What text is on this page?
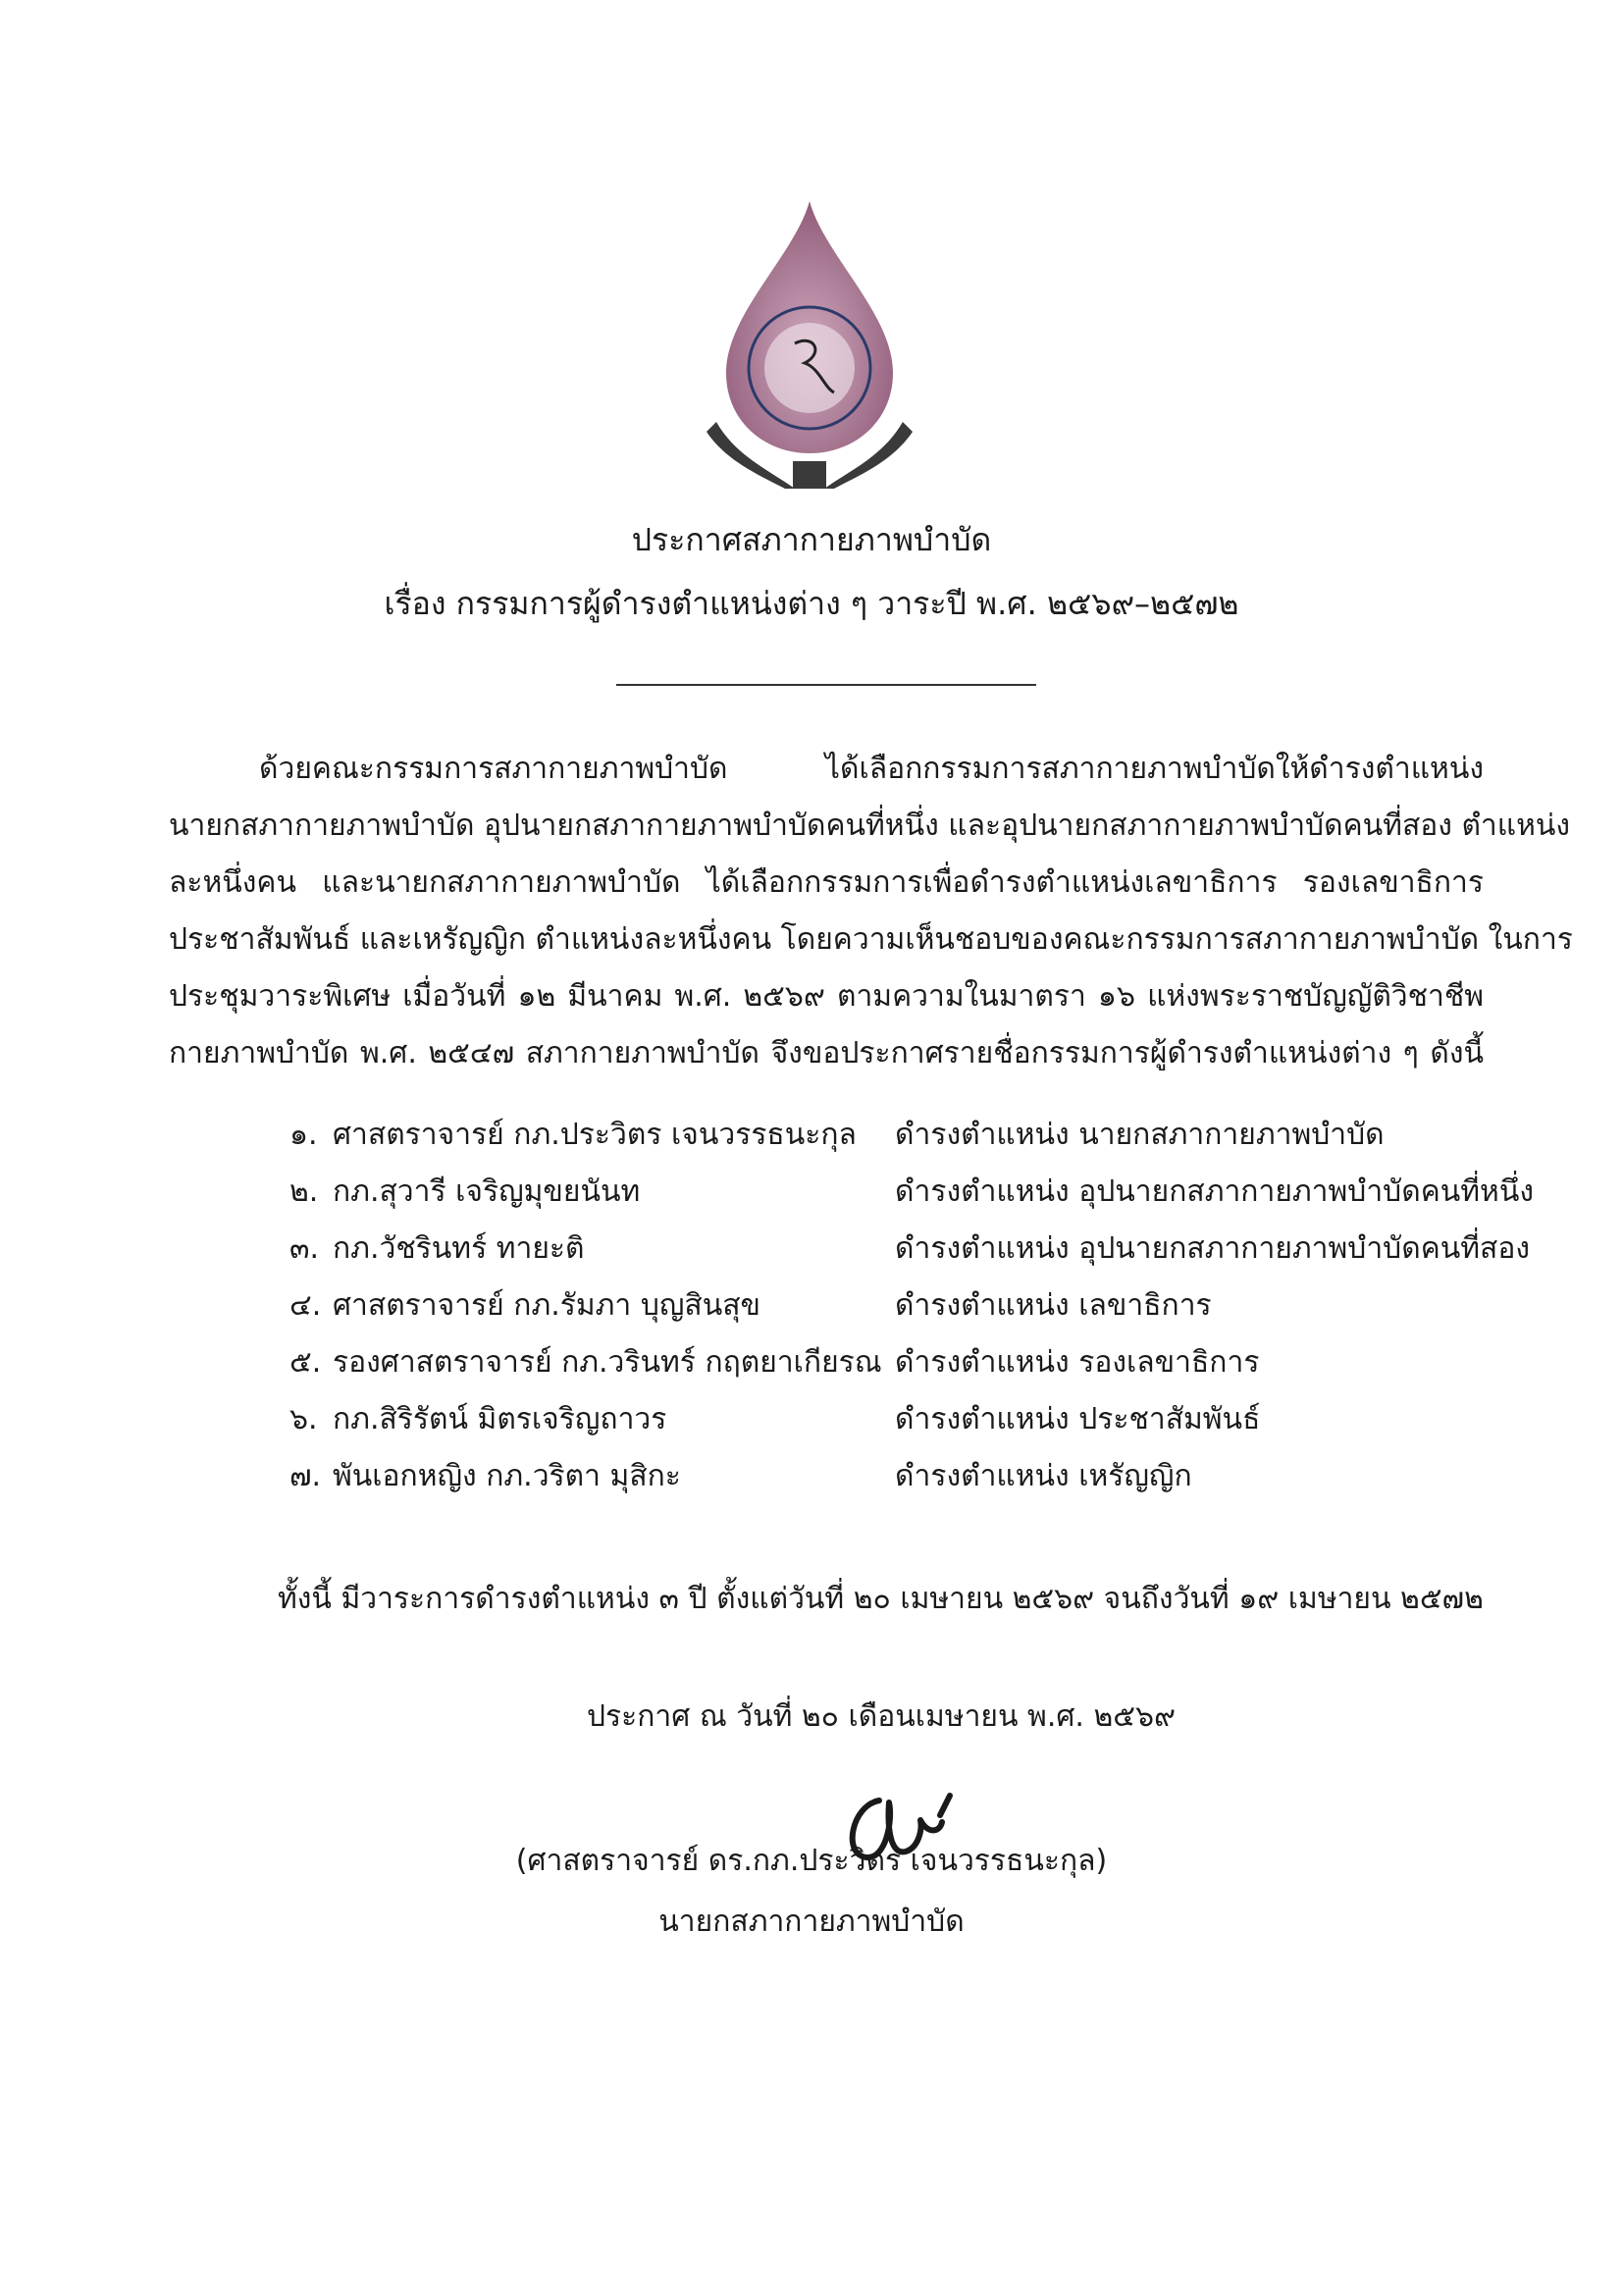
ประกาศสภากายภาพบำบัด
เรื่อง กรรมการผู้ดำรงตำแหน่งต่าง ๆ วาระปี พ.ศ. ๒๕๖๙–๒๕๗๒
ด้วยคณะกรรมการสภากายภาพบำบัด ได้เลือกกรรมการสภากายภาพบำบัดให้ดำรงตำแหน่ง
นายกสภากายภาพบำบัด อุปนายกสภากายภาพบำบัดคนที่หนึ่ง และอุปนายกสภากายภาพบำบัดคนที่สอง ตำแหน่ง
ละหนึ่งคน และนายกสภากายภาพบำบัด ได้เลือกกรรมการเพื่อดำรงตำแหน่งเลขาธิการ รองเลขาธิการ
ประชาสัมพันธ์ และเหรัญญิก ตำแหน่งละหนึ่งคน โดยความเห็นชอบของคณะกรรมการสภากายภาพบำบัด ในการ
ประชุมวาระพิเศษ เมื่อวันที่ ๑๒ มีนาคม พ.ศ. ๒๕๖๙ ตามความในมาตรา ๑๖ แห่งพระราชบัญญัติวิชาชีพ
กายภาพบำบัด พ.ศ. ๒๕๔๗ สภากายภาพบำบัด จึงขอประกาศรายชื่อกรรมการผู้ดำรงตำแหน่งต่าง ๆ ดังนี้
๑. ศาสตราจารย์ กภ.ประวิตร เจนวรรธนะกุล ดำรงตำแหน่ง นายกสภากายภาพบำบัด
๒. กภ.สุวารี เจริญมุขยนันท	ดำรงตำแหน่ง อุปนายกสภากายภาพบำบัดคนที่หนึ่ง
๓. กภ.วัชรินทร์ ทายะติ	ดำรงตำแหน่ง อุปนายกสภากายภาพบำบัดคนที่สอง
๔. ศาสตราจารย์ กภ.รัมภา บุญสินสุข	ดำรงตำแหน่ง เลขาธิการ
๕. รองศาสตราจารย์ กภ.วรินทร์ กฤตยาเกียรณ ดำรงตำแหน่ง รองเลขาธิการ
๖. กภ.สิริรัตน์ มิตรเจริญถาวร	ดำรงตำแหน่ง ประชาสัมพันธ์
๗. พันเอกหญิง กภ.วริตา มุสิกะ	ดำรงตำแหน่ง เหรัญญิก
ทั้งนี้ มีวาระการดำรงตำแหน่ง ๓ ปี ตั้งแต่วันที่ ๒๐ เมษายน ๒๕๖๙ จนถึงวันที่ ๑๙ เมษายน ๒๕๗๒
ประกาศ ณ วันที่ ๒๐ เดือนเมษายน พ.ศ. ๒๕๖๙
(ศาสตราจารย์ ดร.กภ.ประวิตร เจนวรรธนะกุล)
นายกสภากายภาพบำบัด
